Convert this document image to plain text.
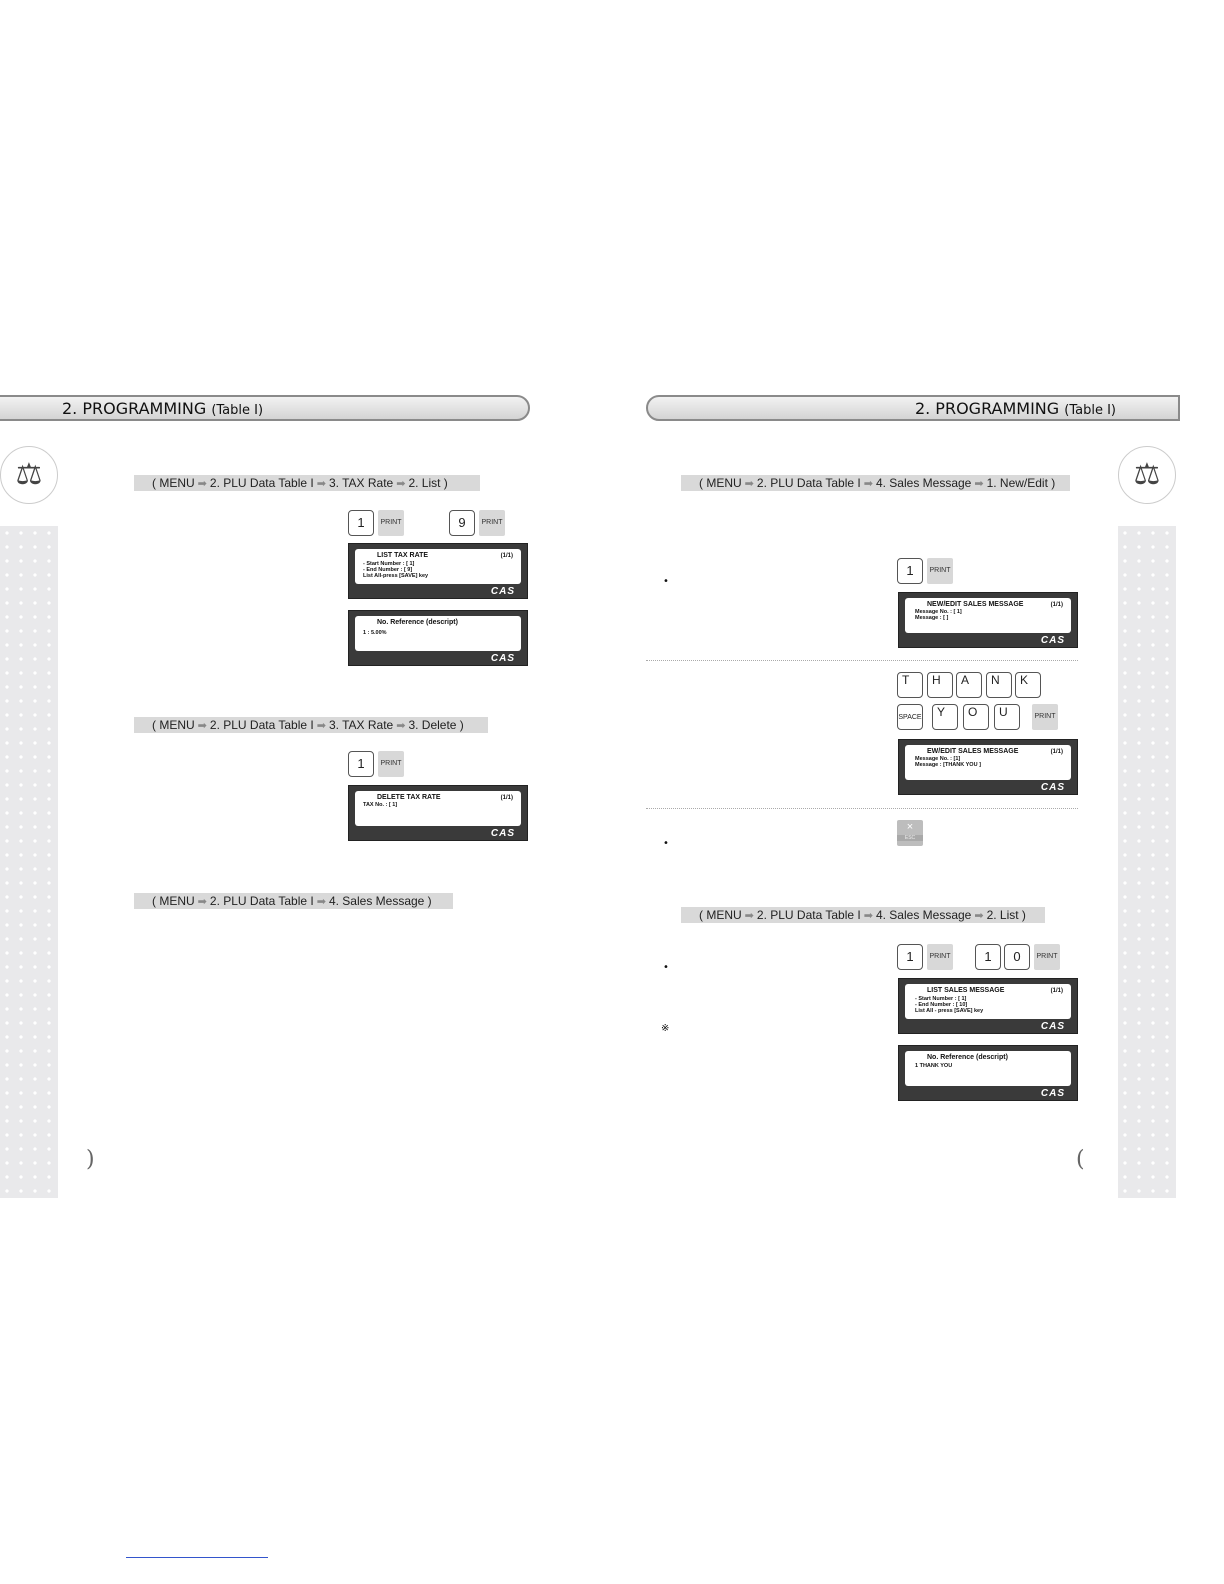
2. PROGRAMMING (Table I)	2. PROGRAMMING (Table I)
⚖	⚖
( MENU ➡ 2. PLU Data Table I ➡ 3. TAX Rate ➡ 2. List )
1	PRINT	9	PRINT
LIST TAX RATE	(1/1)
- Start Number : [ 1]
- End Number : [ 9]
List All-press [SAVE] key
CAS
No. Reference (descript)
1 : 5.00%
CAS
( MENU ➡ 2. PLU Data Table I ➡ 3. TAX Rate ➡ 3. Delete )
1	PRINT
DELETE TAX RATE	(1/1)
TAX No. : [ 1]
CAS
( MENU ➡ 2. PLU Data Table I ➡ 4. Sales Message )
)
( MENU ➡ 2. PLU Data Table I ➡ 4. Sales Message ➡ 1. New/Edit )
•
1	PRINT
NEW/EDIT SALES MESSAGE	(1/1)
Message No. : [ 1]
Message : [ ]
CAS
T	H	A	N	K
SPACE	Y	O	U	PRINT
EW/EDIT SALES MESSAGE	(1/1)
Message No. : [1]
Message : [THANK YOU ]
CAS
•
×
ESC
( MENU ➡ 2. PLU Data Table I ➡ 4. Sales Message ➡ 2. List )
•
1	PRINT	1	0	PRINT
LIST SALES MESSAGE	(1/1)
- Start Number : [ 1]
- End Number : [ 10]
List All - press [SAVE] key
CAS
※
No. Reference (descript)
1 THANK YOU
CAS
(
